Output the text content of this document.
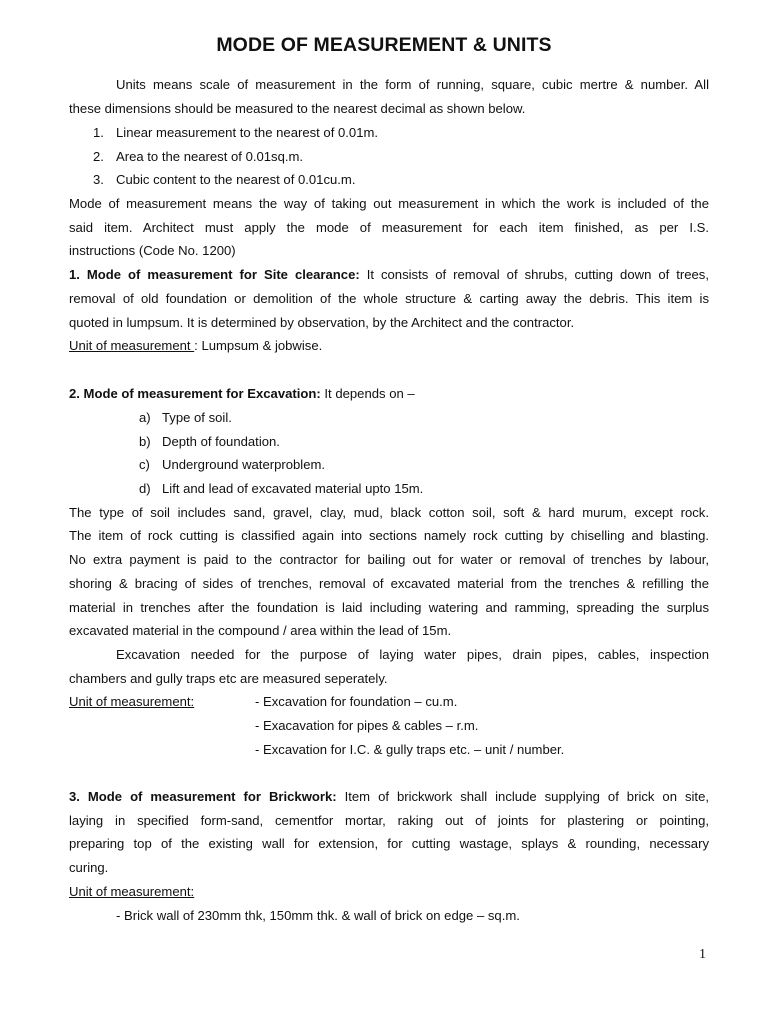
MODE OF MEASUREMENT & UNITS
Units means scale of measurement in the form of running, square, cubic mertre & number. All
these dimensions should be measured to the nearest decimal as shown below.
1. Linear measurement to the nearest of 0.01m.
2. Area to the nearest of 0.01sq.m.
3. Cubic content to the nearest of 0.01cu.m.
Mode of measurement means the way of taking out measurement in which the work is included of the
said item. Architect must apply the mode of measurement for each item finished, as per I.S.
instructions (Code No. 1200)
1. Mode of measurement for Site clearance: It consists of removal of shrubs, cutting down of trees,
removal of old foundation or demolition of the whole structure & carting away the debris. This item is
quoted in lumpsum. It is determined by observation, by the Architect and the contractor.
Unit of measurement : Lumpsum & jobwise.
2. Mode of measurement for Excavation: It depends on –
a) Type of soil.
b) Depth of foundation.
c) Underground waterproblem.
d) Lift and lead of excavated material upto 15m.
The type of soil includes sand, gravel, clay, mud, black cotton soil, soft & hard murum, except rock.
The item of rock cutting is classified again into sections namely rock cutting by chiselling and blasting.
No extra payment is paid to the contractor for bailing out for water or removal of trenches by labour,
shoring & bracing of sides of trenches, removal of excavated material from the trenches & refilling the
material in trenches after the foundation is laid including watering and ramming, spreading the surplus
excavated material in the compound / area within the lead of 15m.
Excavation needed for the purpose of laying water pipes, drain pipes, cables, inspection
chambers and gully traps etc are measured seperately.
Unit of measurement:	- Excavation for foundation – cu.m.
- Exacavation for pipes & cables – r.m.
- Excavation for I.C. & gully traps etc. – unit / number.
3. Mode of measurement for Brickwork: Item of brickwork shall include supplying of brick on site,
laying in specified form-sand, cementfor mortar, raking out of joints for plastering or pointing,
preparing top of the existing wall for extension, for cutting wastage, splays & rounding, necessary
curing.
Unit of measurement:
- Brick wall of 230mm thk, 150mm thk. & wall of brick on edge – sq.m.
1
